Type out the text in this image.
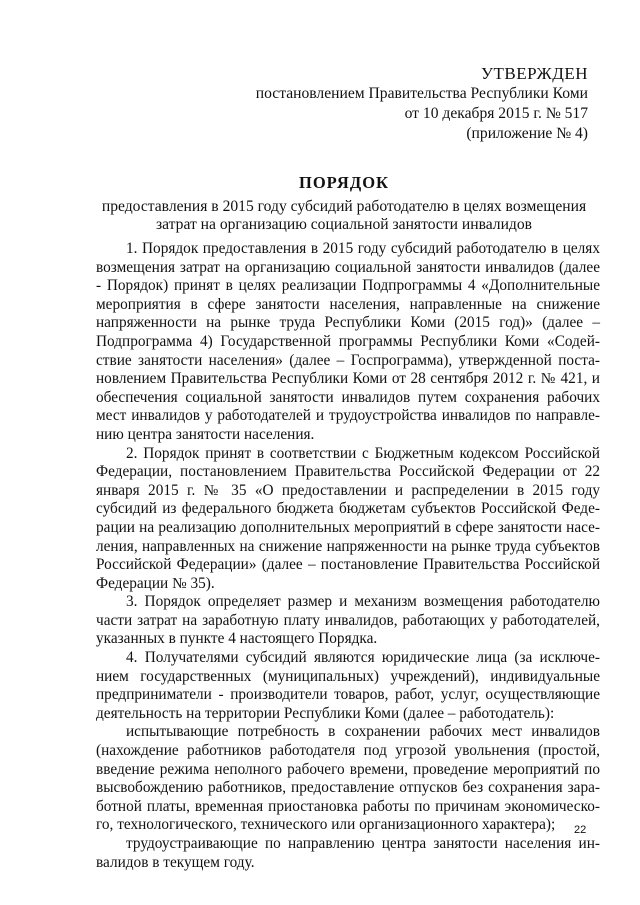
УТВЕРЖДЕН
постановлением Правительства Республики Коми
от 10 декабря 2015 г. № 517
(приложение № 4)
ПОРЯДОК
предоставления в 2015 году субсидий работодателю в целях возмещения
затрат на организацию социальной занятости инвалидов

1. Порядок предоставления в 2015 году субсидий работодателю в целях возмещения затрат на организацию социальной занятости инвалидов (далее - Порядок) принят в целях реализации Подпрограммы 4 «Дополнительные мероприятия в сфере занятости населения, направленные на снижение напряженности на рынке труда Республики Коми (2015 год)» (далее – Подпрограмма 4) Государственной программы Республики Коми «Содействие занятости населения» (далее – Госпрограмма), утвержденной постановлением Правительства Республики Коми от 28 сентября 2012 г. № 421, и обеспечения социальной занятости инвалидов путем сохранения рабочих мест инвалидов у работодателей и трудоустройства инвалидов по направлению центра занятости населения.

2. Порядок принят в соответствии с Бюджетным кодексом Российской Федерации, постановлением Правительства Российской Федерации от 22 января 2015 г. № 35 «О предоставлении и распределении в 2015 году субсидий из федерального бюджета бюджетам субъектов Российской Федерации на реализацию дополнительных мероприятий в сфере занятости населения, направленных на снижение напряженности на рынке труда субъектов Российской Федерации» (далее – постановление Правительства Российской Федерации № 35).

3. Порядок определяет размер и механизм возмещения работодателю части затрат на заработную плату инвалидов, работающих у работодателей, указанных в пункте 4 настоящего Порядка.

4. Получателями субсидий являются юридические лица (за исключением государственных (муниципальных) учреждений), индивидуальные предприниматели - производители товаров, работ, услуг, осуществляющие деятельность на территории Республики Коми (далее – работодатель):

испытывающие потребность в сохранении рабочих мест инвалидов (нахождение работников работодателя под угрозой увольнения (простой, введение режима неполного рабочего времени, проведение мероприятий по высвобождению работников, предоставление отпусков без сохранения заработной платы, временная приостановка работы по причинам экономического, технологического, технического или организационного характера);

трудоустраивающие по направлению центра занятости населения инвалидов в текущем году.

22
